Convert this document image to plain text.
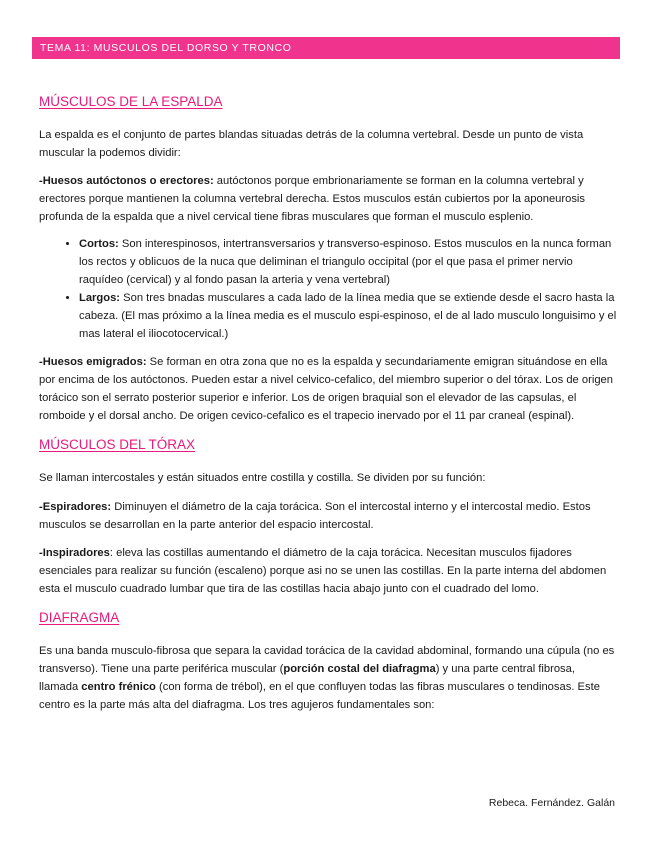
TEMA 11: MUSCULOS DEL DORSO Y TRONCO
MÚSCULOS DE LA ESPALDA

La espalda es el conjunto de partes blandas situadas detrás de la columna vertebral. Desde un punto de vista muscular la podemos dividir:

-Huesos autóctonos o erectores: autóctonos porque embrionariamente se forman en la columna vertebral y erectores porque mantienen la columna vertebral derecha. Estos musculos están cubiertos por la aponeurosis profunda de la espalda que a nivel cervical tiene fibras musculares que forman el musculo esplenio.

• Cortos: Son interespinosos, intertransversarios y transverso-espinoso. Estos musculos en la nunca forman los rectos y oblicuos de la nuca que deliminan el triangulo occipital (por el que pasa el primer nervio raquídeo (cervical) y al fondo pasan la arteria y vena vertebral)
• Largos: Son tres bnadas musculares a cada lado de la línea media que se extiende desde el sacro hasta la cabeza. (El mas próximo a la línea media es el musculo espi-espinoso, el de al lado musculo longuisimo y el mas lateral el iliocotocervical.)

-Huesos emigrados: Se forman en otra zona que no es la espalda y secundariamente emigran situándose en ella por encima de los autóctonos. Pueden estar a nivel celvico-cefalico, del miembro superior o del tórax. Los de origen torácico son el serrato posterior superior e inferior. Los de origen braquial son el elevador de las capsulas, el romboide y el dorsal ancho. De origen cevico-cefalico es el trapecio inervado por el 11 par craneal (espinal).

MÚSCULOS DEL TÓRAX

Se llaman intercostales y están situados entre costilla y costilla. Se dividen por su función:

-Espiradores: Diminuyen el diámetro de la caja torácica. Son el intercostal interno y el intercostal medio. Estos musculos se desarrollan en la parte anterior del espacio intercostal.

-Inspiradores: eleva las costillas aumentando el diámetro de la caja torácica. Necesitan musculos fijadores esenciales para realizar su función (escaleno) porque asi no se unen las costillas. En la parte interna del abdomen esta el musculo cuadrado lumbar que tira de las costillas hacia abajo junto con el cuadrado del lomo.

DIAFRAGMA

Es una banda musculo-fibrosa que separa la cavidad torácica de la cavidad abdominal, formando una cúpula (no es transverso). Tiene una parte periférica muscular (porción costal del diafragma) y una parte central fibrosa, llamada centro frénico (con forma de trébol), en el que confluyen todas las fibras musculares o tendinosas. Este centro es la parte más alta del diafragma. Los tres agujeros fundamentales son:

Rebeca. Fernández. Galán
